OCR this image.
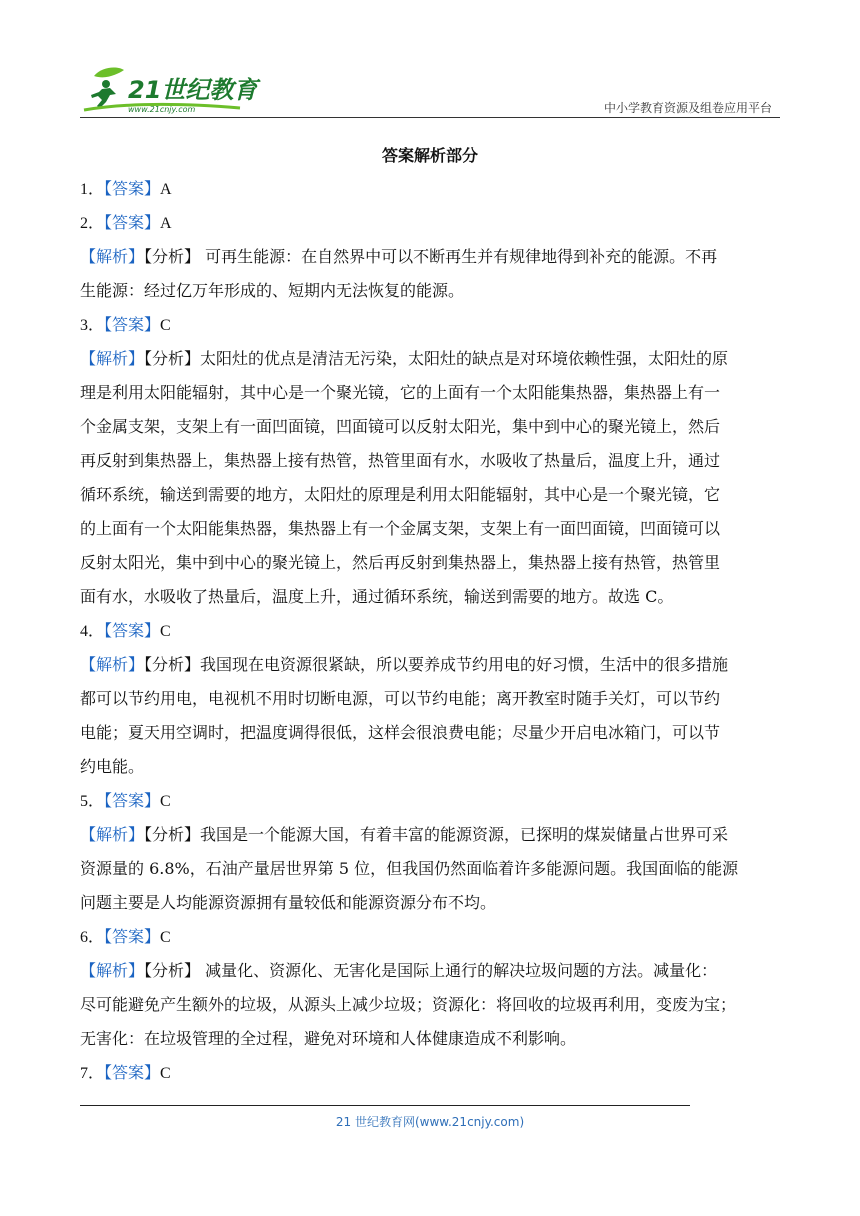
21世纪教育
www.21cnjy.com	中小学教育资源及组卷应用平台
答案解析部分
1．【答案】A
2．【答案】A
【解析】【分析】 可再生能源：在自然界中可以不断再生并有规律地得到补充的能源。不再
生能源：经过亿万年形成的、短期内无法恢复的能源。
3．【答案】C
【解析】【分析】太阳灶的优点是清洁无污染，太阳灶的缺点是对环境依赖性强，太阳灶的原
理是利用太阳能辐射，其中心是一个聚光镜，它的上面有一个太阳能集热器，集热器上有一
个金属支架，支架上有一面凹面镜，凹面镜可以反射太阳光，集中到中心的聚光镜上，然后
再反射到集热器上，集热器上接有热管，热管里面有水，水吸收了热量后，温度上升，通过
循环系统，输送到需要的地方，太阳灶的原理是利用太阳能辐射，其中心是一个聚光镜，它
的上面有一个太阳能集热器，集热器上有一个金属支架，支架上有一面凹面镜，凹面镜可以
反射太阳光，集中到中心的聚光镜上，然后再反射到集热器上，集热器上接有热管，热管里
面有水，水吸收了热量后，温度上升，通过循环系统，输送到需要的地方。故选 C。
4．【答案】C
【解析】【分析】我国现在电资源很紧缺，所以要养成节约用电的好习惯，生活中的很多措施
都可以节约用电，电视机不用时切断电源，可以节约电能；离开教室时随手关灯，可以节约
电能；夏天用空调时，把温度调得很低，这样会很浪费电能；尽量少开启电冰箱门，可以节
约电能。
5．【答案】C
【解析】【分析】我国是一个能源大国，有着丰富的能源资源，已探明的煤炭储量占世界可采
资源量的 6.8%，石油产量居世界第 5 位，但我国仍然面临着许多能源问题。我国面临的能源
问题主要是人均能源资源拥有量较低和能源资源分布不均。
6．【答案】C
【解析】【分析】 减量化、资源化、无害化是国际上通行的解决垃圾问题的方法。减量化：
尽可能避免产生额外的垃圾，从源头上减少垃圾；资源化：将回收的垃圾再利用，变废为宝；
无害化：在垃圾管理的全过程，避免对环境和人体健康造成不利影响。
7．【答案】C
21 世纪教育网(www.21cnjy.com)
